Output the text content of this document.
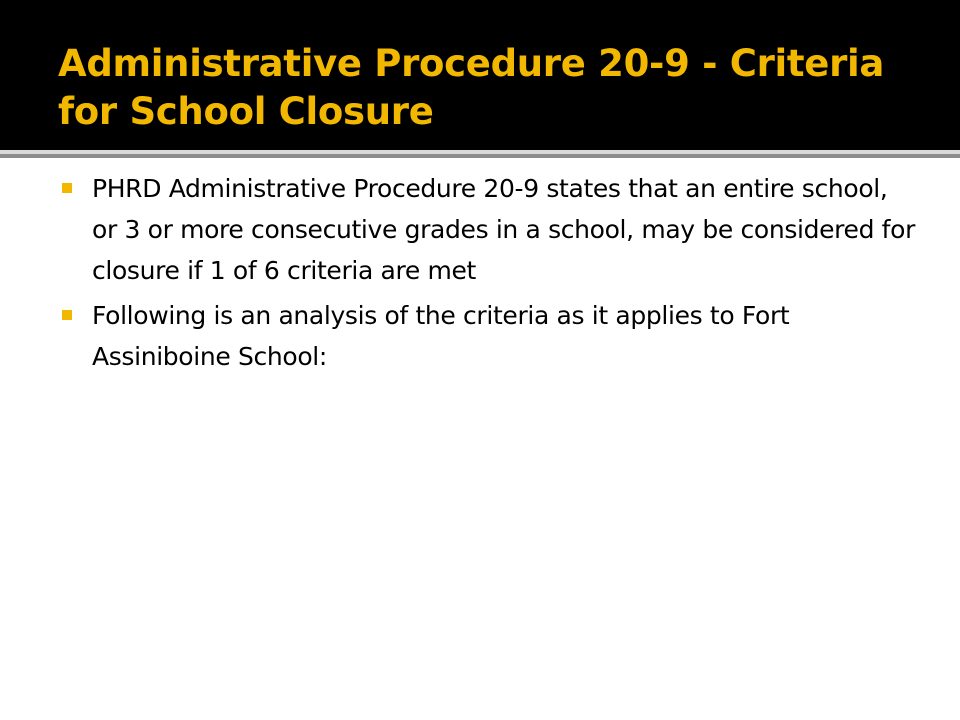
Administrative Procedure 20-9 - Criteria for School Closure
PHRD Administrative Procedure 20-9 states that an entire school, or 3 or more consecutive grades in a school, may be considered for closure if 1 of 6 criteria are met
Following is an analysis of the criteria as it applies to Fort Assiniboine School:
